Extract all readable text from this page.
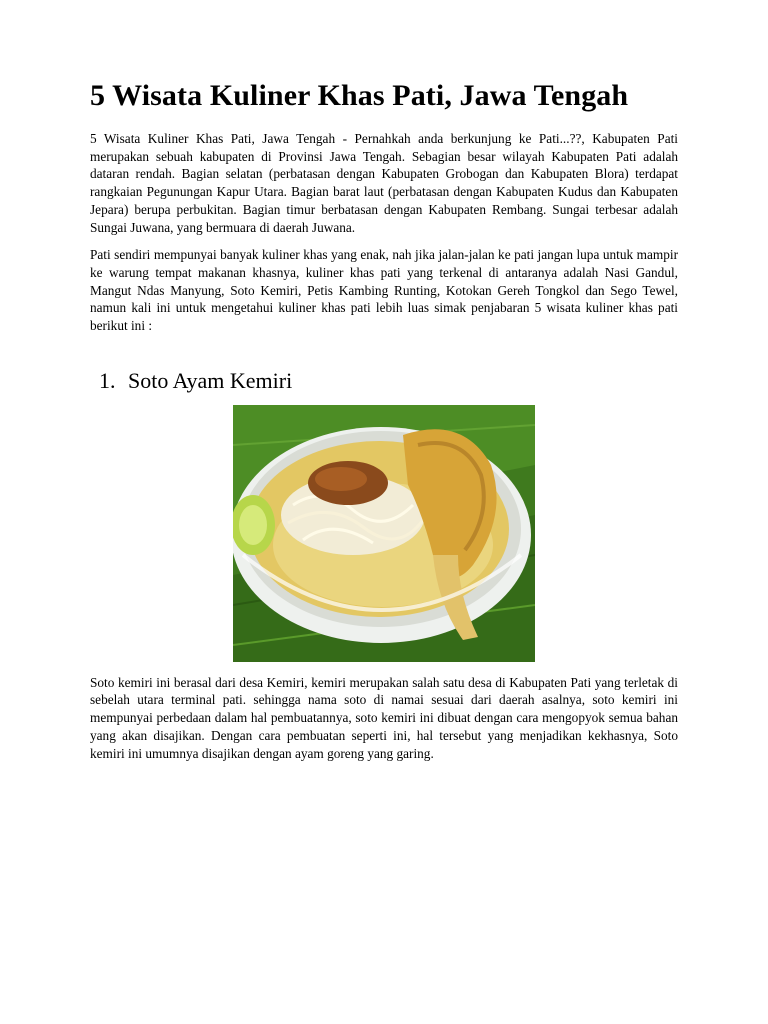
5 Wisata Kuliner Khas Pati, Jawa Tengah

5 Wisata Kuliner Khas Pati, Jawa Tengah - Pernahkah anda berkunjung ke Pati...??, Kabupaten Pati merupakan sebuah kabupaten di Provinsi Jawa Tengah. Sebagian besar wilayah Kabupaten Pati adalah dataran rendah. Bagian selatan (perbatasan dengan Kabupaten Grobogan dan Kabupaten Blora) terdapat rangkaian Pegunungan Kapur Utara. Bagian barat laut (perbatasan dengan Kabupaten Kudus dan Kabupaten Jepara) berupa perbukitan. Bagian timur berbatasan dengan Kabupaten Rembang. Sungai terbesar adalah Sungai Juwana, yang bermuara di daerah Juwana.

Pati sendiri mempunyai banyak kuliner khas yang enak, nah jika jalan-jalan ke pati jangan lupa untuk mampir ke warung tempat makanan khasnya, kuliner khas pati yang terkenal di antaranya adalah Nasi Gandul, Mangut Ndas Manyung, Soto Kemiri, Petis Kambing Runting, Kotokan Gereh Tongkol dan Sego Tewel, namun kali ini untuk mengetahui kuliner khas pati lebih luas simak penjabaran 5 wisata kuliner khas pati berikut ini :

1. Soto Ayam Kemiri

Soto kemiri ini berasal dari desa Kemiri, kemiri merupakan salah satu desa di Kabupaten Pati yang terletak di sebelah utara terminal pati. sehingga nama soto di namai sesuai dari daerah asalnya, soto kemiri ini mempunyai perbedaan dalam hal pembuatannya, soto kemiri ini dibuat dengan cara mengopyok semua bahan yang akan disajikan. Dengan cara pembuatan seperti ini, hal tersebut yang menjadikan kekhasnya, Soto kemiri ini umumnya disajikan dengan ayam goreng yang garing.
